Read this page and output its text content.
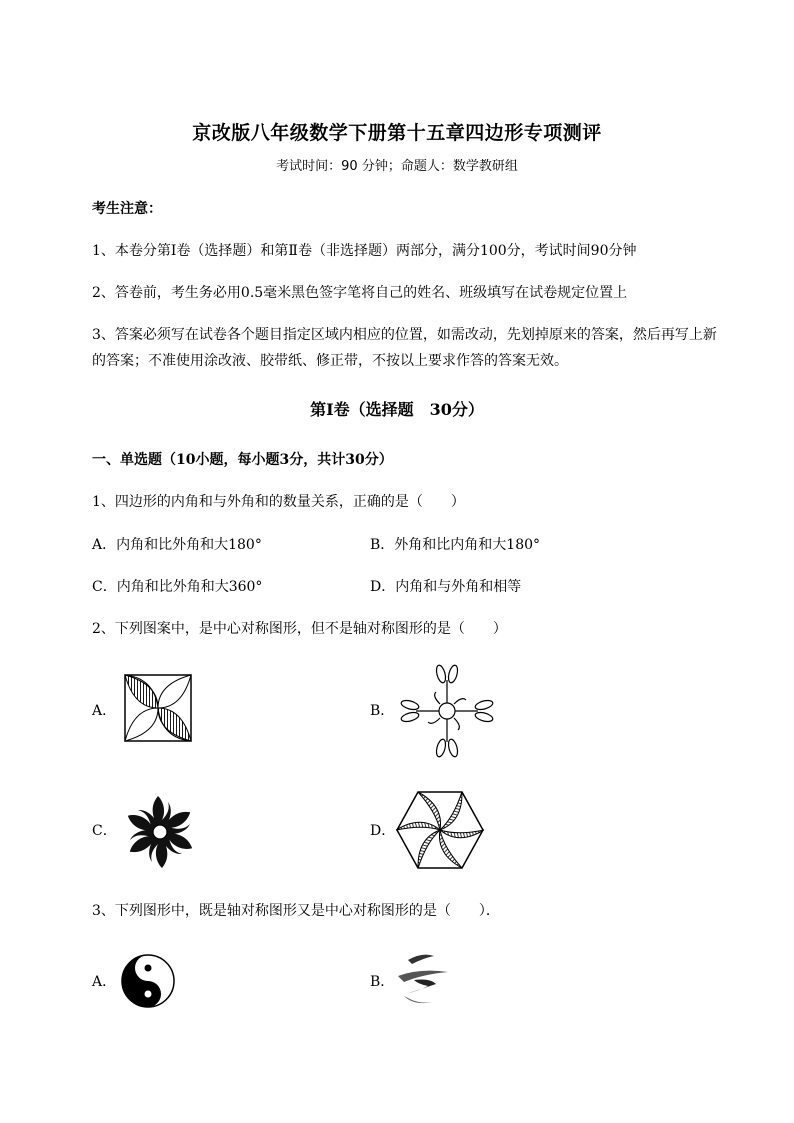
京改版八年级数学下册第十五章四边形专项测评
考试时间：90 分钟；命题人：数学教研组
考生注意：
1、本卷分第I卷（选择题）和第Ⅱ卷（非选择题）两部分，满分100分，考试时间90分钟
2、答卷前，考生务必用0.5毫米黑色签字笔将自己的姓名、班级填写在试卷规定位置上
3、答案必须写在试卷各个题目指定区域内相应的位置，如需改动，先划掉原来的答案，然后再写上新
的答案；不准使用涂改液、胶带纸、修正带，不按以上要求作答的答案无效。
第I卷（选择题　30分）
一、单选题（10小题，每小题3分，共计30分）
1、四边形的内角和与外角和的数量关系，正确的是（　　）
A．内角和比外角和大180°	B．外角和比内角和大180°
C．内角和比外角和大360°	D．内角和与外角和相等
2、下列图案中，是中心对称图形，但不是轴对称图形的是（　　）
A．	B．
C．	D．
3、下列图形中，既是轴对称图形又是中心对称图形的是（　　）．
A．	B．
